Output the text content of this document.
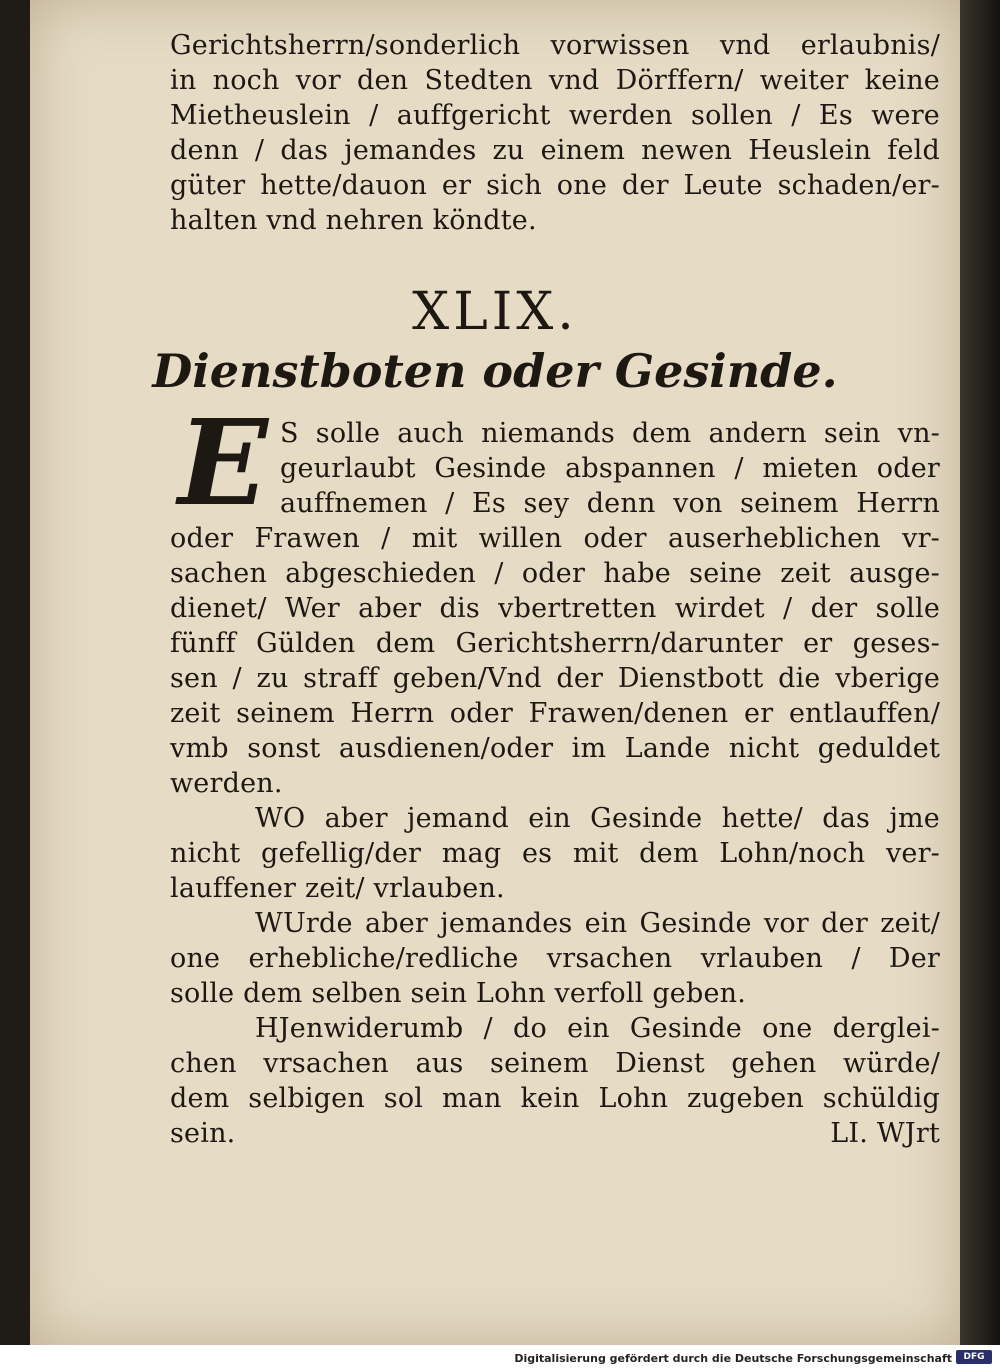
Gerichtsherrn/sonderlich vorwissen vnd erlaubnis/
in noch vor den Stedten vnd Dörffern/ weiter keine
Mietheuslein / auffgericht werden sollen / Es were
denn / das jemandes zu einem newen Heuslein feld
güter hette/dauon er sich one der Leute schaden/er-
halten vnd nehren köndte.
XLIX.
Dienstboten oder Gesinde.
E S solle auch niemands dem andern sein vn-
geurlaubt Gesinde abspannen / mieten oder
auffnemen / Es sey denn von seinem Herrn
oder Frawen / mit willen oder auserheblichen vr-
sachen abgeschieden / oder habe seine zeit ausge-
dienet/ Wer aber dis vbertretten wirdet / der solle
fünff Gülden dem Gerichtsherrn/darunter er geses-
sen / zu straff geben/Vnd der Dienstbott die vberige
zeit seinem Herrn oder Frawen/denen er entlauffen/
vmb sonst ausdienen/oder im Lande nicht geduldet
werden.
WO aber jemand ein Gesinde hette/ das jme
nicht gefellig/der mag es mit dem Lohn/noch ver-
lauffener zeit/ vrlauben.
WUrde aber jemandes ein Gesinde vor der zeit/
one erhebliche/redliche vrsachen vrlauben / Der
solle dem selben sein Lohn verfoll geben.
HJenwiderumb / do ein Gesinde one derglei-
chen vrsachen aus seinem Dienst gehen würde/
dem selbigen sol man kein Lohn zugeben schüldig
sein.	LI. WJrt
Digitalisierung gefördert durch die Deutsche Forschungsgemeinschaft	DFG
